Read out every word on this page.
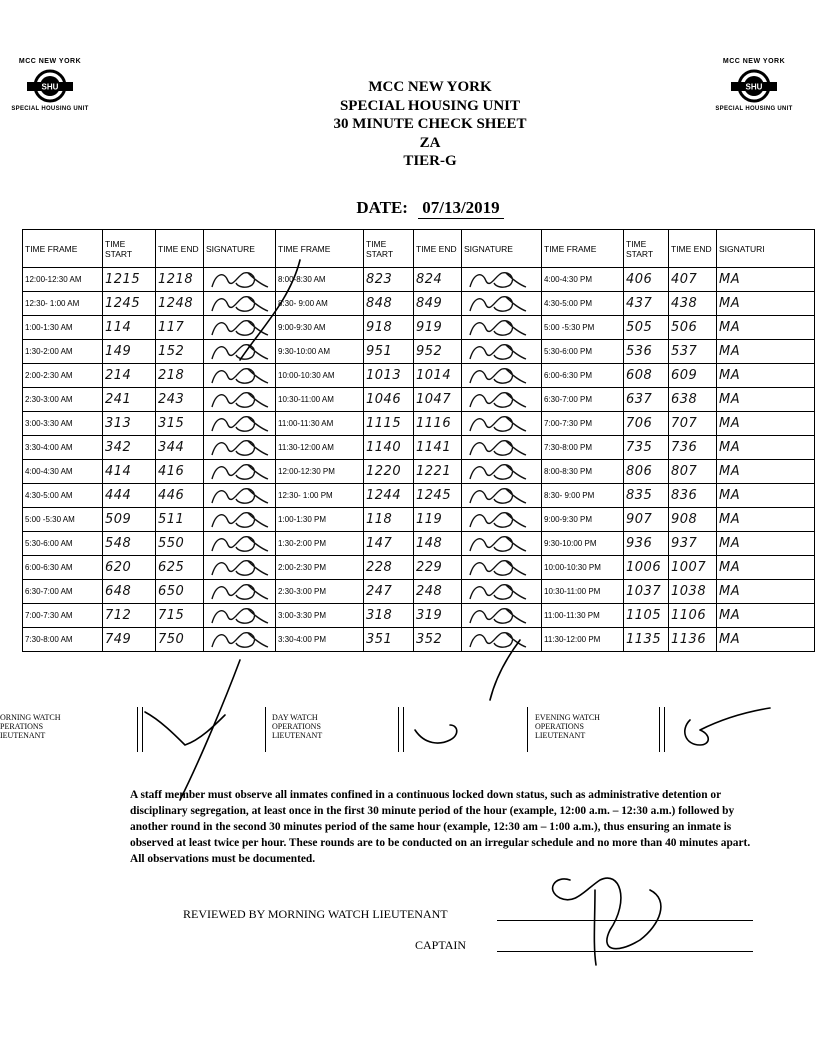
MCC NEW YORK
SHU
SPECIAL HOUSING UNIT
MCC NEW YORK
SHU
SPECIAL HOUSING UNIT
MCC NEW YORK
SPECIAL HOUSING UNIT
30 MINUTE CHECK SHEET
ZA
TIER-G
DATE: 07/13/2019
TIME FRAME	TIME START	TIME END	SIGNATURE	TIME FRAME	TIME START	TIME END	SIGNATURE	TIME FRAME	TIME START	TIME END	SIGNATURI
12:00-12:30 AM	1215	1218		8:00-8:30 AM	823	824		4:00-4:30 PM	406	407	MA
12:30- 1:00 AM	1245	1248		8:30- 9:00 AM	848	849		4:30-5:00 PM	437	438	MA
1:00-1:30 AM	114	117		9:00-9:30 AM	918	919		5:00 -5:30 PM	505	506	MA
1:30-2:00 AM	149	152		9:30-10:00 AM	951	952		5:30-6:00 PM	536	537	MA
2:00-2:30 AM	214	218		10:00-10:30 AM	1013	1014		6:00-6:30 PM	608	609	MA
2:30-3:00 AM	241	243		10:30-11:00 AM	1046	1047		6:30-7:00 PM	637	638	MA
3:00-3:30 AM	313	315		11:00-11:30 AM	1115	1116		7:00-7:30 PM	706	707	MA
3:30-4:00 AM	342	344		11:30-12:00 AM	1140	1141		7:30-8:00 PM	735	736	MA
4:00-4:30 AM	414	416		12:00-12:30 PM	1220	1221		8:00-8:30 PM	806	807	MA
4:30-5:00 AM	444	446		12:30- 1:00 PM	1244	1245		8:30- 9:00 PM	835	836	MA
5:00 -5:30 AM	509	511		1:00-1:30 PM	118	119		9:00-9:30 PM	907	908	MA
5:30-6:00 AM	548	550		1:30-2:00 PM	147	148		9:30-10:00 PM	936	937	MA
6:00-6:30 AM	620	625		2:00-2:30 PM	228	229		10:00-10:30 PM	1006	1007	MA
6:30-7:00 AM	648	650		2:30-3:00 PM	247	248		10:30-11:00 PM	1037	1038	MA
7:00-7:30 AM	712	715		3:00-3:30 PM	318	319		11:00-11:30 PM	1105	1106	MA
7:30-8:00 AM	749	750		3:30-4:00 PM	351	352		11:30-12:00 PM	1135	1136	MA
ORNING WATCH
PERATIONS
IEUTENANT
DAY WATCH
OPERATIONS
LIEUTENANT
EVENING WATCH
OPERATIONS
LIEUTENANT
A staff member must observe all inmates confined in a continuous locked down status, such as administrative detention or disciplinary segregation, at least once in the first 30 minute period of the hour (example, 12:00 a.m. – 12:30 a.m.) followed by another round in the second 30 minutes period of the same hour (example, 12:30 am – 1:00 a.m.), thus ensuring an inmate is observed at least twice per hour. These rounds are to be conducted on an irregular schedule and no more than 40 minutes apart. All observations must be documented.
REVIEWED BY MORNING WATCH LIEUTENANT
CAPTAIN
